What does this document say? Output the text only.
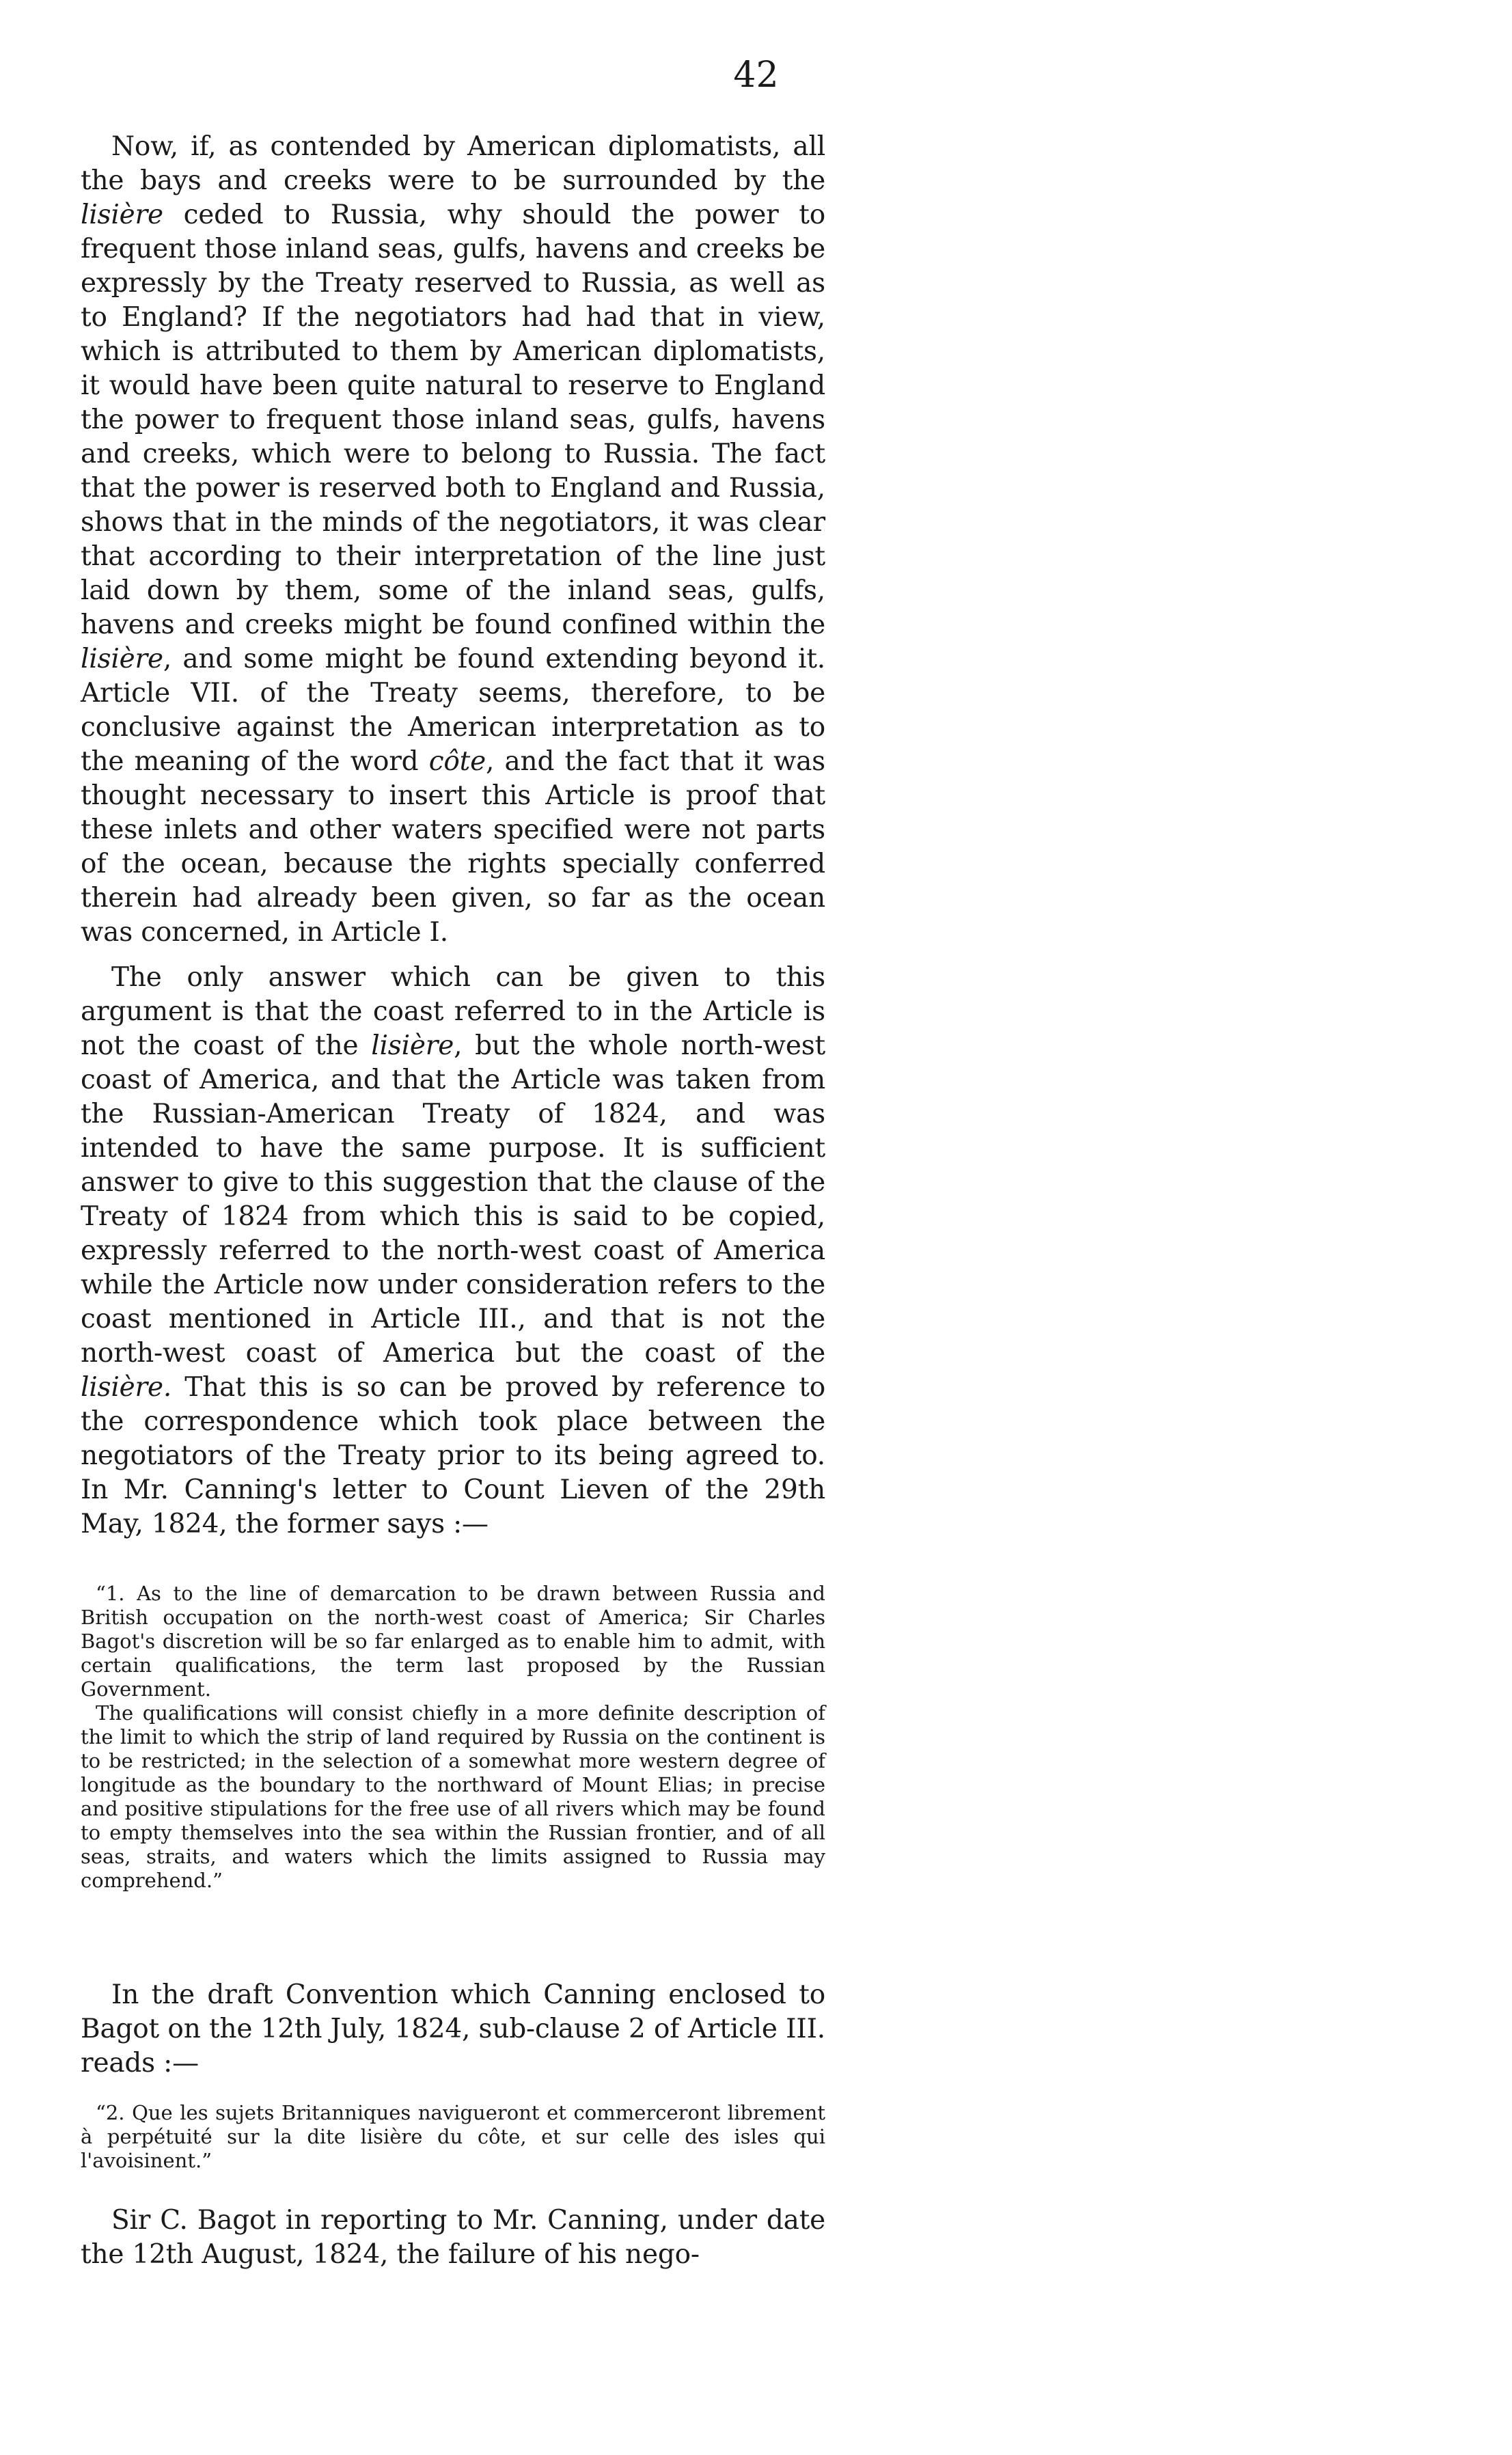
42

Now, if, as contended by American diplomatists, all the bays and creeks were to be surrounded by the lisière ceded to Russia, why should the power to frequent those inland seas, gulfs, havens and creeks be expressly by the Treaty reserved to Russia, as well as to England? If the negotiators had had that in view, which is attributed to them by American diplomatists, it would have been quite natural to reserve to England the power to frequent those inland seas, gulfs, havens and creeks, which were to belong to Russia. The fact that the power is reserved both to England and Russia, shows that in the minds of the negotiators, it was clear that according to their interpretation of the line just laid down by them, some of the inland seas, gulfs, havens and creeks might be found confined within the lisière, and some might be found extending beyond it. Article VII. of the Treaty seems, therefore, to be conclusive against the American interpretation as to the meaning of the word côte, and the fact that it was thought necessary to insert this Article is proof that these inlets and other waters specified were not parts of the ocean, because the rights specially conferred therein had already been given, so far as the ocean was concerned, in Article I.

The only answer which can be given to this argument is that the coast referred to in the Article is not the coast of the lisière, but the whole north-west coast of America, and that the Article was taken from the Russian-American Treaty of 1824, and was intended to have the same purpose. It is sufficient answer to give to this suggestion that the clause of the Treaty of 1824 from which this is said to be copied, expressly referred to the north-west coast of America while the Article now under consideration refers to the coast mentioned in Article III., and that is not the north-west coast of America but the coast of the lisière. That this is so can be proved by reference to the correspondence which took place between the negotiators of the Treaty prior to its being agreed to. In Mr. Canning's letter to Count Lieven of the 29th May, 1824, the former says :—

“1. As to the line of demarcation to be drawn between Russia and British occupation on the north-west coast of America; Sir Charles Bagot's discretion will be so far enlarged as to enable him to admit, with certain qualifications, the term last proposed by the Russian Government.

The qualifications will consist chiefly in a more definite description of the limit to which the strip of land required by Russia on the continent is to be restricted; in the selection of a somewhat more western degree of longitude as the boundary to the northward of Mount Elias; in precise and positive stipulations for the free use of all rivers which may be found to empty themselves into the sea within the Russian frontier, and of all seas, straits, and waters which the limits assigned to Russia may comprehend.”

In the draft Convention which Canning enclosed to Bagot on the 12th July, 1824, sub-clause 2 of Article III. reads :—

“2. Que les sujets Britanniques navigueront et commerceront librement à perpétuité sur la dite lisière du côte, et sur celle des isles qui l'avoisinent.”

Sir C. Bagot in reporting to Mr. Canning, under date the 12th August, 1824, the failure of his nego-
